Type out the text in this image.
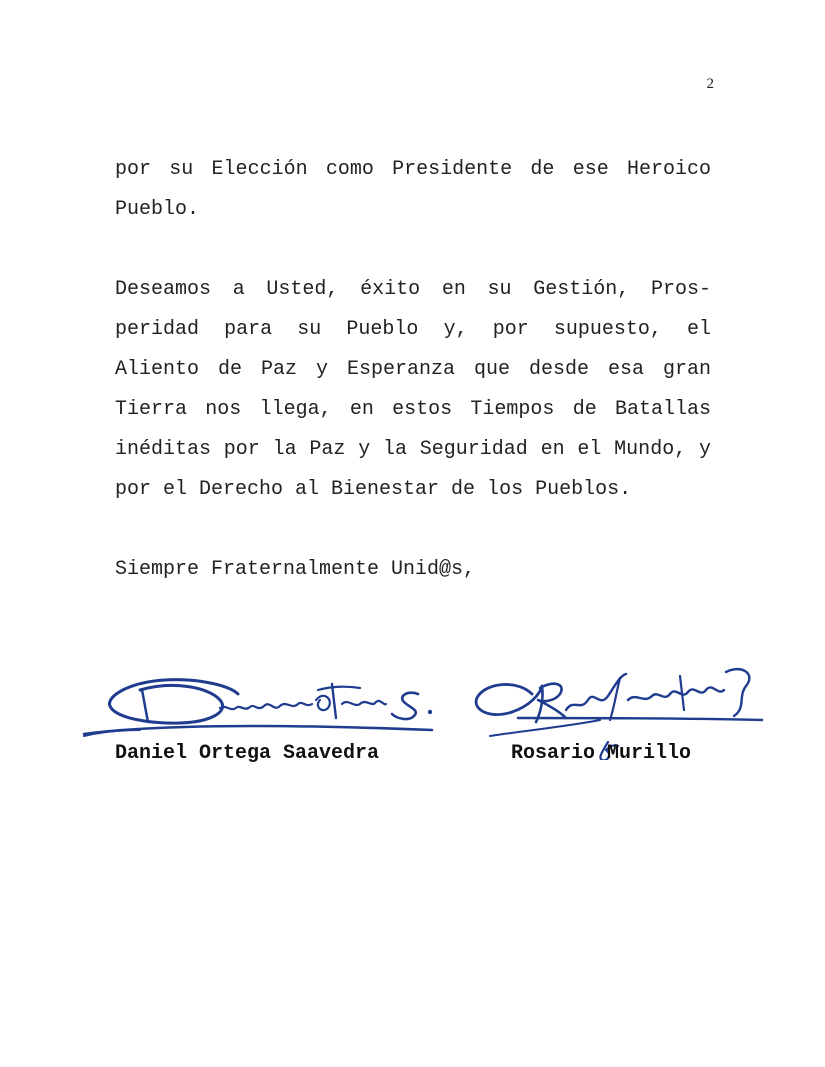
2

por su Elección como Presidente de ese Heroico Pueblo.

Deseamos a Usted, éxito en su Gestión, Pros-peridad para su Pueblo y, por supuesto, el Aliento de Paz y Esperanza que desde esa gran Tierra nos llega, en estos Tiempos de Batallas inéditas por la Paz y la Seguridad en el Mundo, y por el Derecho al Bienestar de los Pueblos.

Siempre Fraternalmente Unid@s,

Daniel Ortega Saavedra	Rosario Murillo
